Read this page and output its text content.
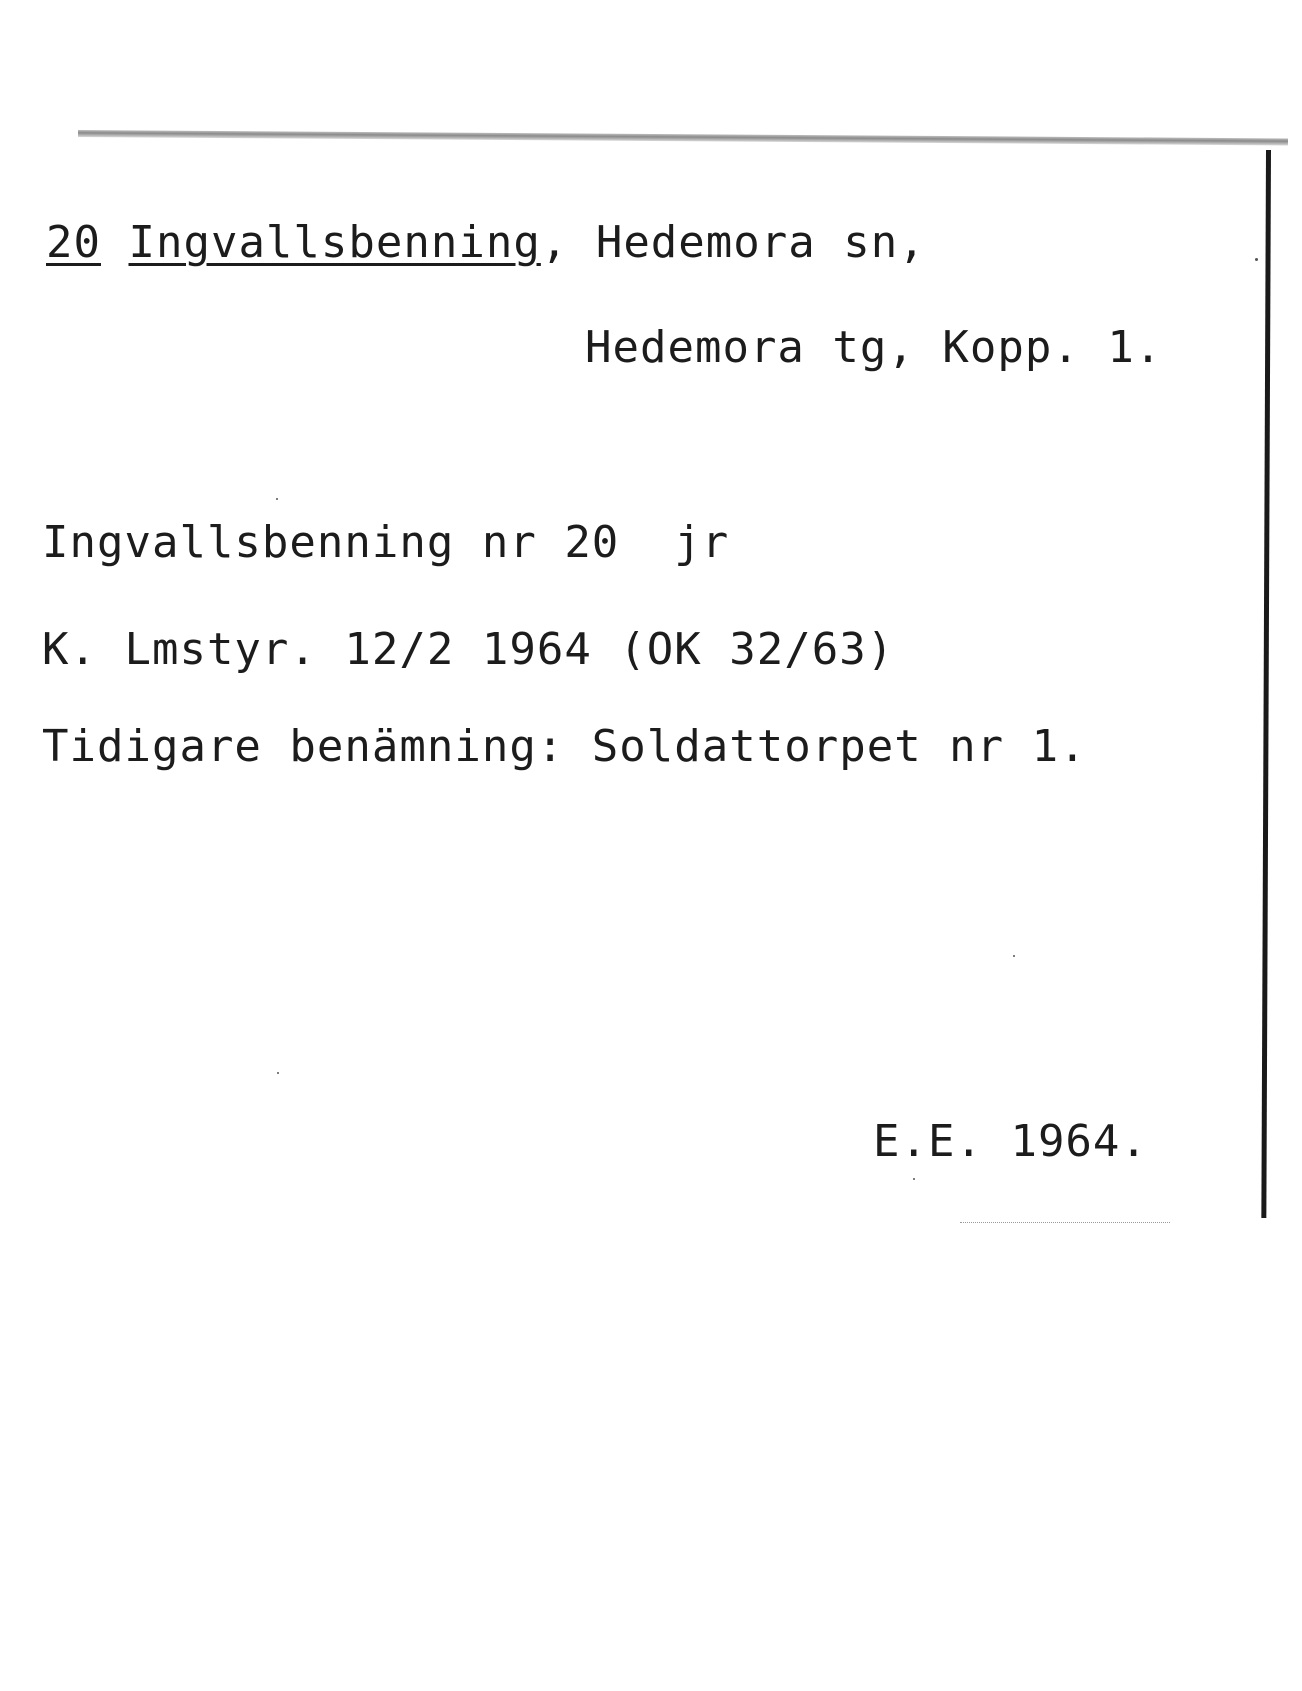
20 Ingvallsbenning, Hedemora sn,
Hedemora tg, Kopp. 1.
Ingvallsbenning nr 20  jr
K. Lmstyr. 12/2 1964 (OK 32/63)
Tidigare benämning: Soldattorpet nr 1.
E.E. 1964.
